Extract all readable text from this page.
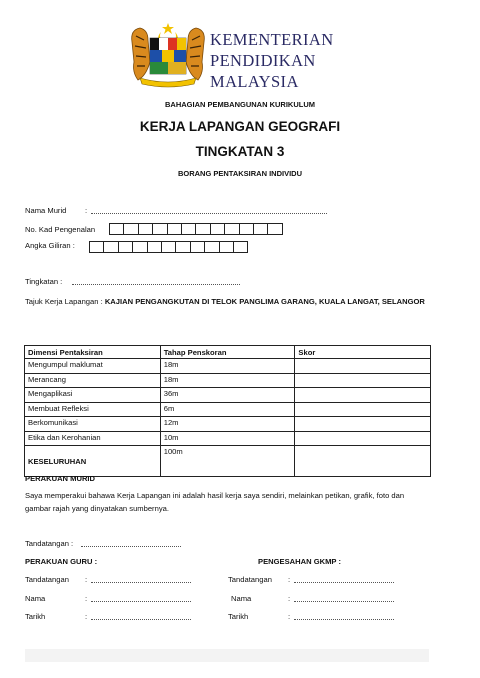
KEMENTERIAN
PENDIDIKAN
MALAYSIA
BAHAGIAN PEMBANGUNAN KURIKULUM
KERJA LAPANGAN GEOGRAFI
TINGKATAN 3
BORANG PENTAKSIRAN INDIVIDU
Nama Murid :
No. Kad Pengenalan
Angka Giliran :
Tingkatan :
Tajuk Kerja Lapangan : KAJIAN PENGANGKUTAN DI TELOK PANGLIMA GARANG, KUALA LANGAT, SELANGOR
Dimensi Pentaksiran	Tahap Penskoran	Skor
Mengumpul maklumat	18m	
Merancang	18m	
Mengaplikasi	36m	
Membuat Refleksi	6m	
Berkomunikasi	12m	
Etika dan Kerohanian	10m	
KESELURUHAN	100m	
PERAKUAN MURID
Saya memperakui bahawa Kerja Lapangan ini adalah hasil kerja saya sendiri, melainkan petikan, grafik, foto dan gambar rajah yang dinyatakan sumbernya.
Tandatangan :
PERAKUAN GURU :
Tandatangan :
Nama	:
Tarikh	:
PENGESAHAN GKMP :
Tandatangan :
Nama	:
Tarikh	:
